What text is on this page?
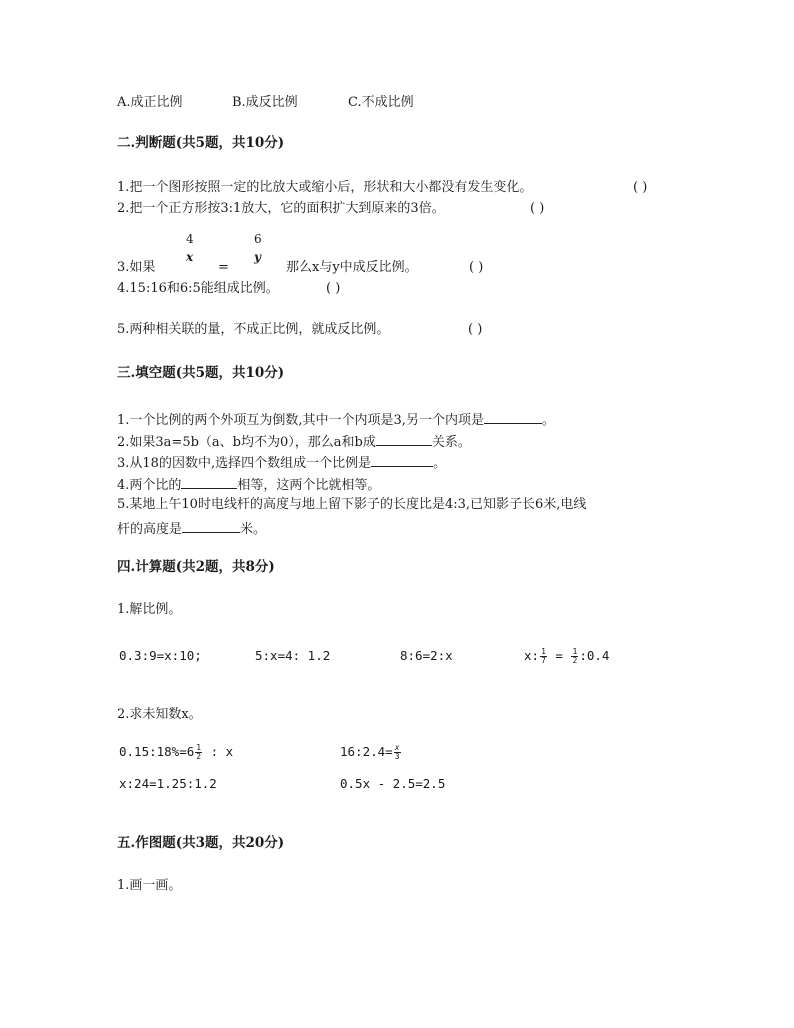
A.成正比例	B.成反比例	C.不成比例
二.判断题(共5题，共10分)
1.把一个图形按照一定的比放大或缩小后，形状和大小都没有发生变化。	( )
2.把一个正方形按3:1放大，它的面积扩大到原来的3倍。	( )
4
x
6
y
3.如果	=	那么x与y中成反比例。	( )
4.15:16和6:5能组成比例。	( )
5.两种相关联的量，不成正比例，就成反比例。	( )
三.填空题(共5题，共10分)
1.一个比例的两个外项互为倒数,其中一个内项是3,另一个内项是	。
2.如果3a=5b（a、b均不为0），那么a和b成	关系。
3.从18的因数中,选择四个数组成一个比例是	。
4.两个比的	相等，这两个比就相等。
5.某地上午10时电线杆的高度与地上留下影子的长度比是4:3,已知影子长6米,电线
杆的高度是	米。
四.计算题(共2题，共8分)
1.解比例。
0.3:9=x:10;	5:x=4: 1.2	8:6=2:x	x: $\frac{1}{7} = \frac{1}{2}$ :0.4
2.求未知数x。
0.15:18%=6 $\frac{1}{2}$ : x	16:2.4= $\frac{x}{3}$
x:24=1.25:1.2	0.5x - 2.5=2.5
五.作图题(共3题，共20分)
1.画一画。
